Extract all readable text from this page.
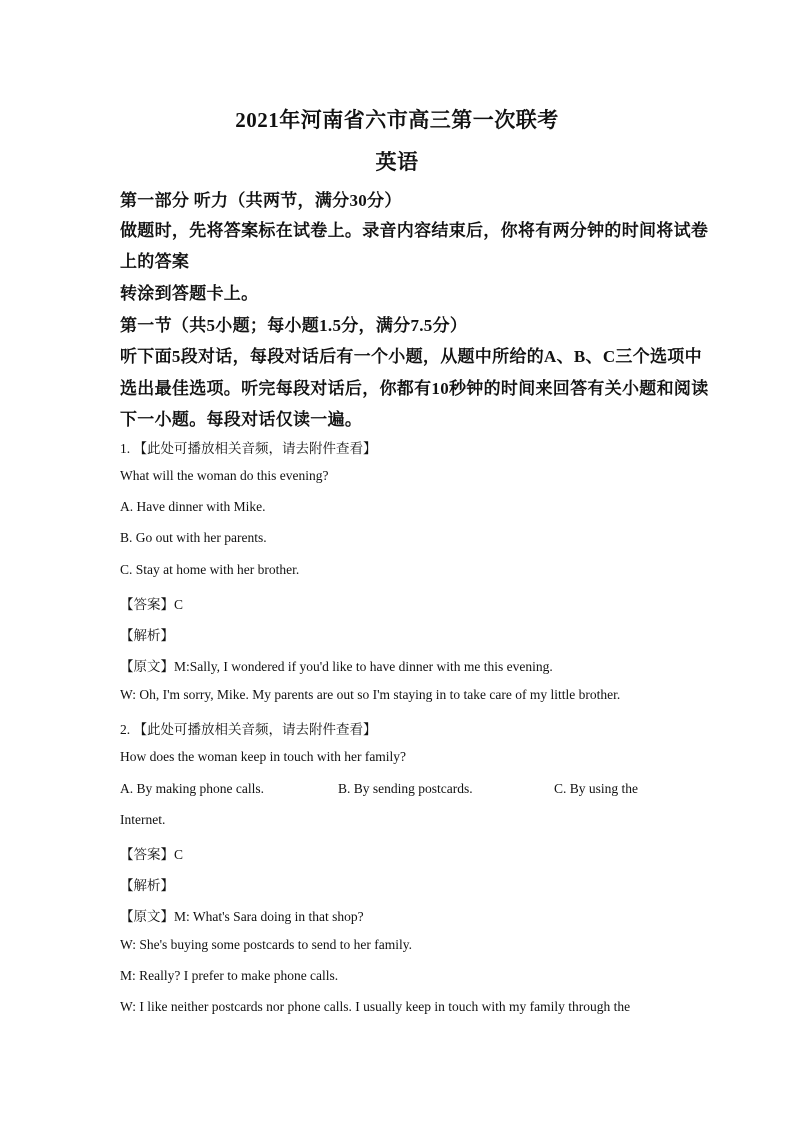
2021年河南省六市高三第一次联考
英语
第一部分 听力（共两节，满分30分）
做题时，先将答案标在试卷上。录音内容结束后，你将有两分钟的时间将试卷
上的答案
转涂到答题卡上。
第一节（共5小题；每小题1.5分，满分7.5分）
听下面5段对话，每段对话后有一个小题，从题中所给的A、B、C三个选项中
选出最佳选项。听完每段对话后，你都有10秒钟的时间来回答有关小题和阅读
下一小题。每段对话仅读一遍。
1. 【此处可播放相关音频，请去附件查看】
What will the woman do this evening?
A. Have dinner with Mike.
B. Go out with her parents.
C. Stay at home with her brother.
【答案】C
【解析】
【原文】M:Sally, I wondered if you'd like to have dinner with me this evening.
W: Oh, I'm sorry, Mike. My parents are out so I'm staying in to take care of my little brother.
2. 【此处可播放相关音频，请去附件查看】
How does the woman keep in touch with her family?
A. By making phone calls.	B. By sending postcards.	C. By using the
Internet.
【答案】C
【解析】
【原文】M: What's Sara doing in that shop?
W: She's buying some postcards to send to her family.
M: Really? I prefer to make phone calls.
W: I like neither postcards nor phone calls. I usually keep in touch with my family through the
